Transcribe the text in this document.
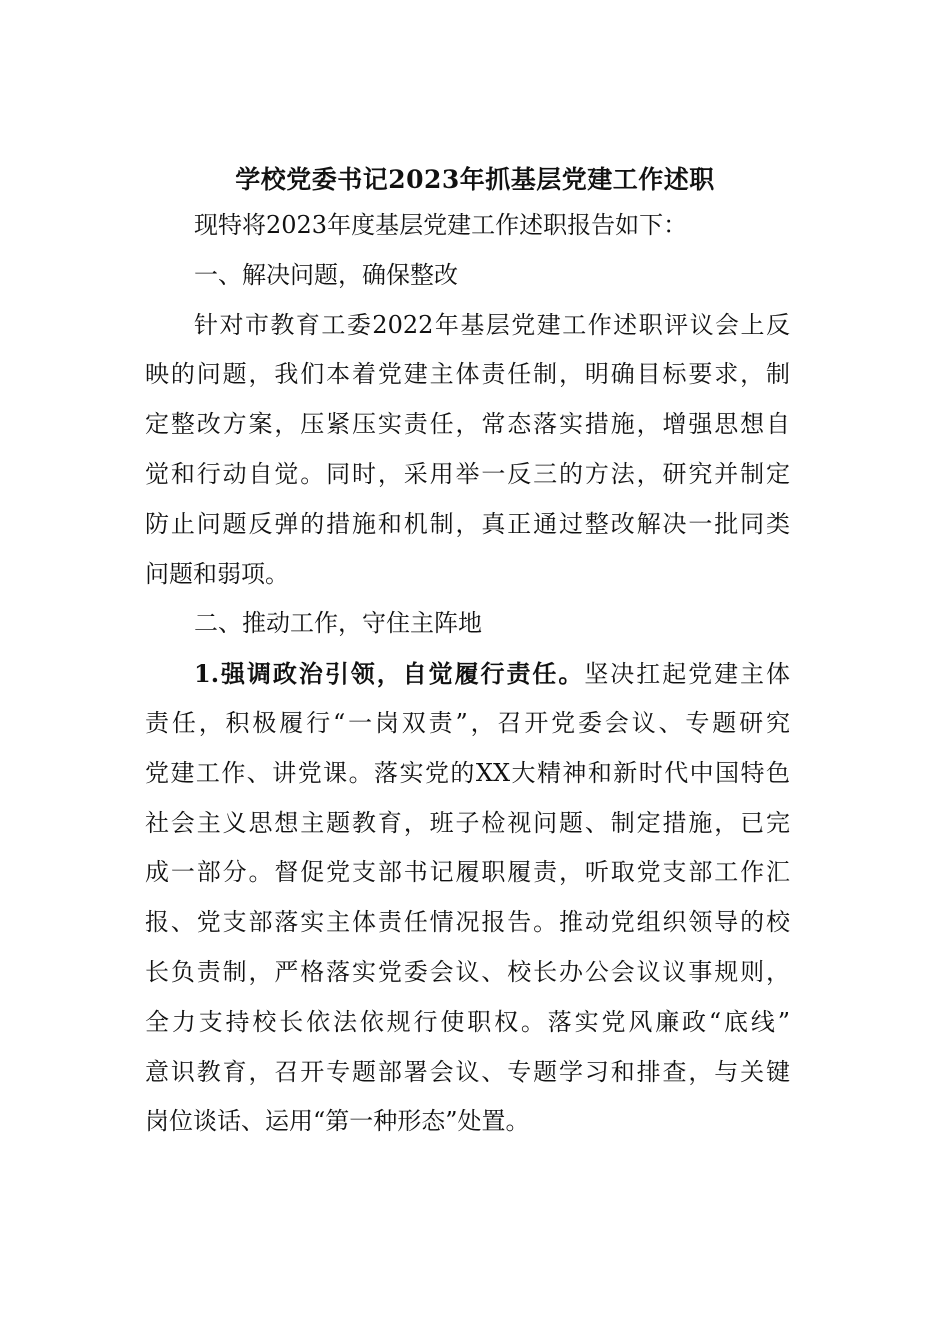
学校党委书记2023年抓基层党建工作述职
现特将2023年度基层党建工作述职报告如下：
一、解决问题，确保整改
针对市教育工委2022年基层党建工作述职评议会上反
映的问题，我们本着党建主体责任制，明确目标要求，制
定整改方案，压紧压实责任，常态落实措施，增强思想自
觉和行动自觉。同时，采用举一反三的方法，研究并制定
防止问题反弹的措施和机制，真正通过整改解决一批同类
问题和弱项。
二、推动工作，守住主阵地
1.强调政治引领，自觉履行责任。坚决扛起党建主体
责任，积极履行“一岗双责”，召开党委会议、专题研究
党建工作、讲党课。落实党的XX大精神和新时代中国特色
社会主义思想主题教育，班子检视问题、制定措施，已完
成一部分。督促党支部书记履职履责，听取党支部工作汇
报、党支部落实主体责任情况报告。推动党组织领导的校
长负责制，严格落实党委会议、校长办公会议议事规则，
全力支持校长依法依规行使职权。落实党风廉政“底线”
意识教育，召开专题部署会议、专题学习和排查，与关键
岗位谈话、运用“第一种形态”处置。
